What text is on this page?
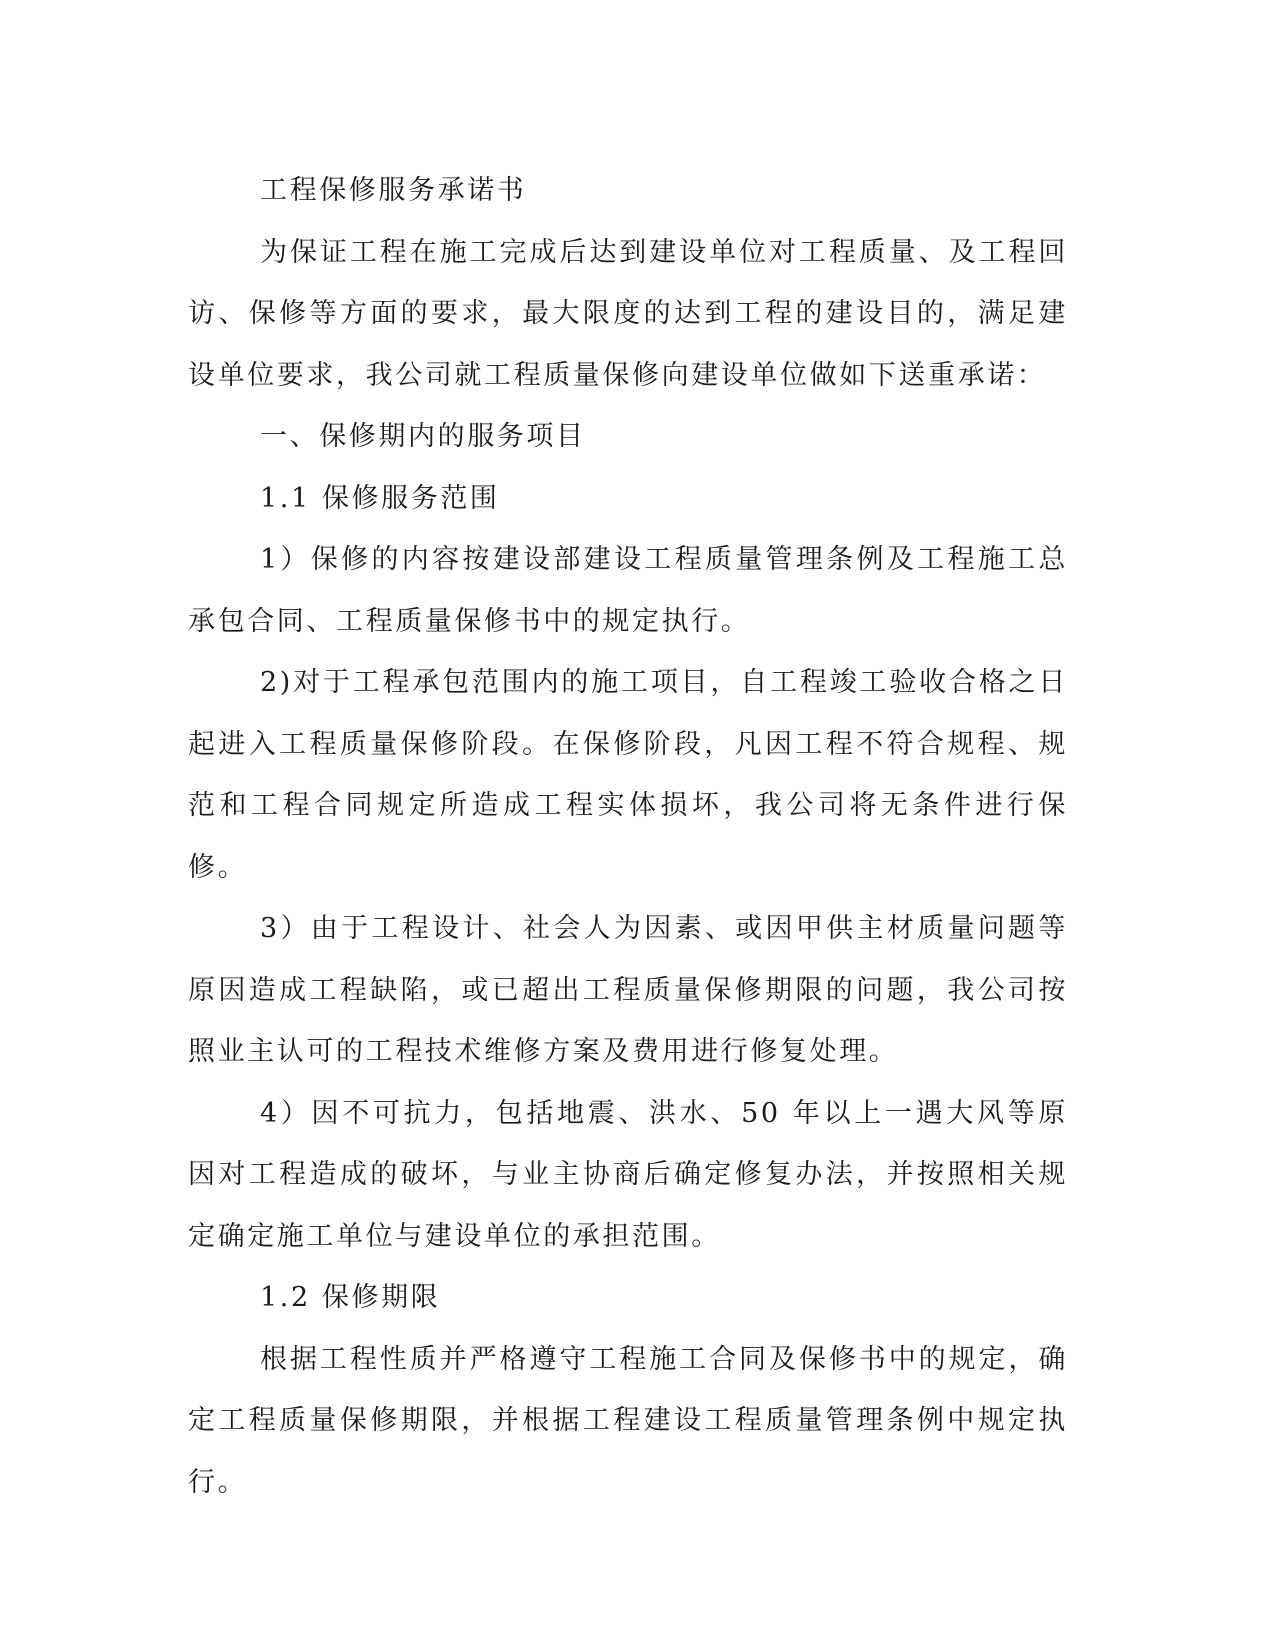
工程保修服务承诺书

为保证工程在施工完成后达到建设单位对工程质量、及工程回访、保修等方面的要求，最大限度的达到工程的建设目的，满足建设单位要求，我公司就工程质量保修向建设单位做如下送重承诺：

一、保修期内的服务项目

1.1 保修服务范围

1）保修的内容按建设部建设工程质量管理条例及工程施工总承包合同、工程质量保修书中的规定执行。

2)对于工程承包范围内的施工项目，自工程竣工验收合格之日起进入工程质量保修阶段。在保修阶段，凡因工程不符合规程、规范和工程合同规定所造成工程实体损坏，我公司将无条件进行保修。

3）由于工程设计、社会人为因素、或因甲供主材质量问题等原因造成工程缺陷，或已超出工程质量保修期限的问题，我公司按照业主认可的工程技术维修方案及费用进行修复处理。

4）因不可抗力，包括地震、洪水、50 年以上一遇大风等原因对工程造成的破坏，与业主协商后确定修复办法，并按照相关规定确定施工单位与建设单位的承担范围。

1.2 保修期限

根据工程性质并严格遵守工程施工合同及保修书中的规定，确定工程质量保修期限，并根据工程建设工程质量管理条例中规定执行。
